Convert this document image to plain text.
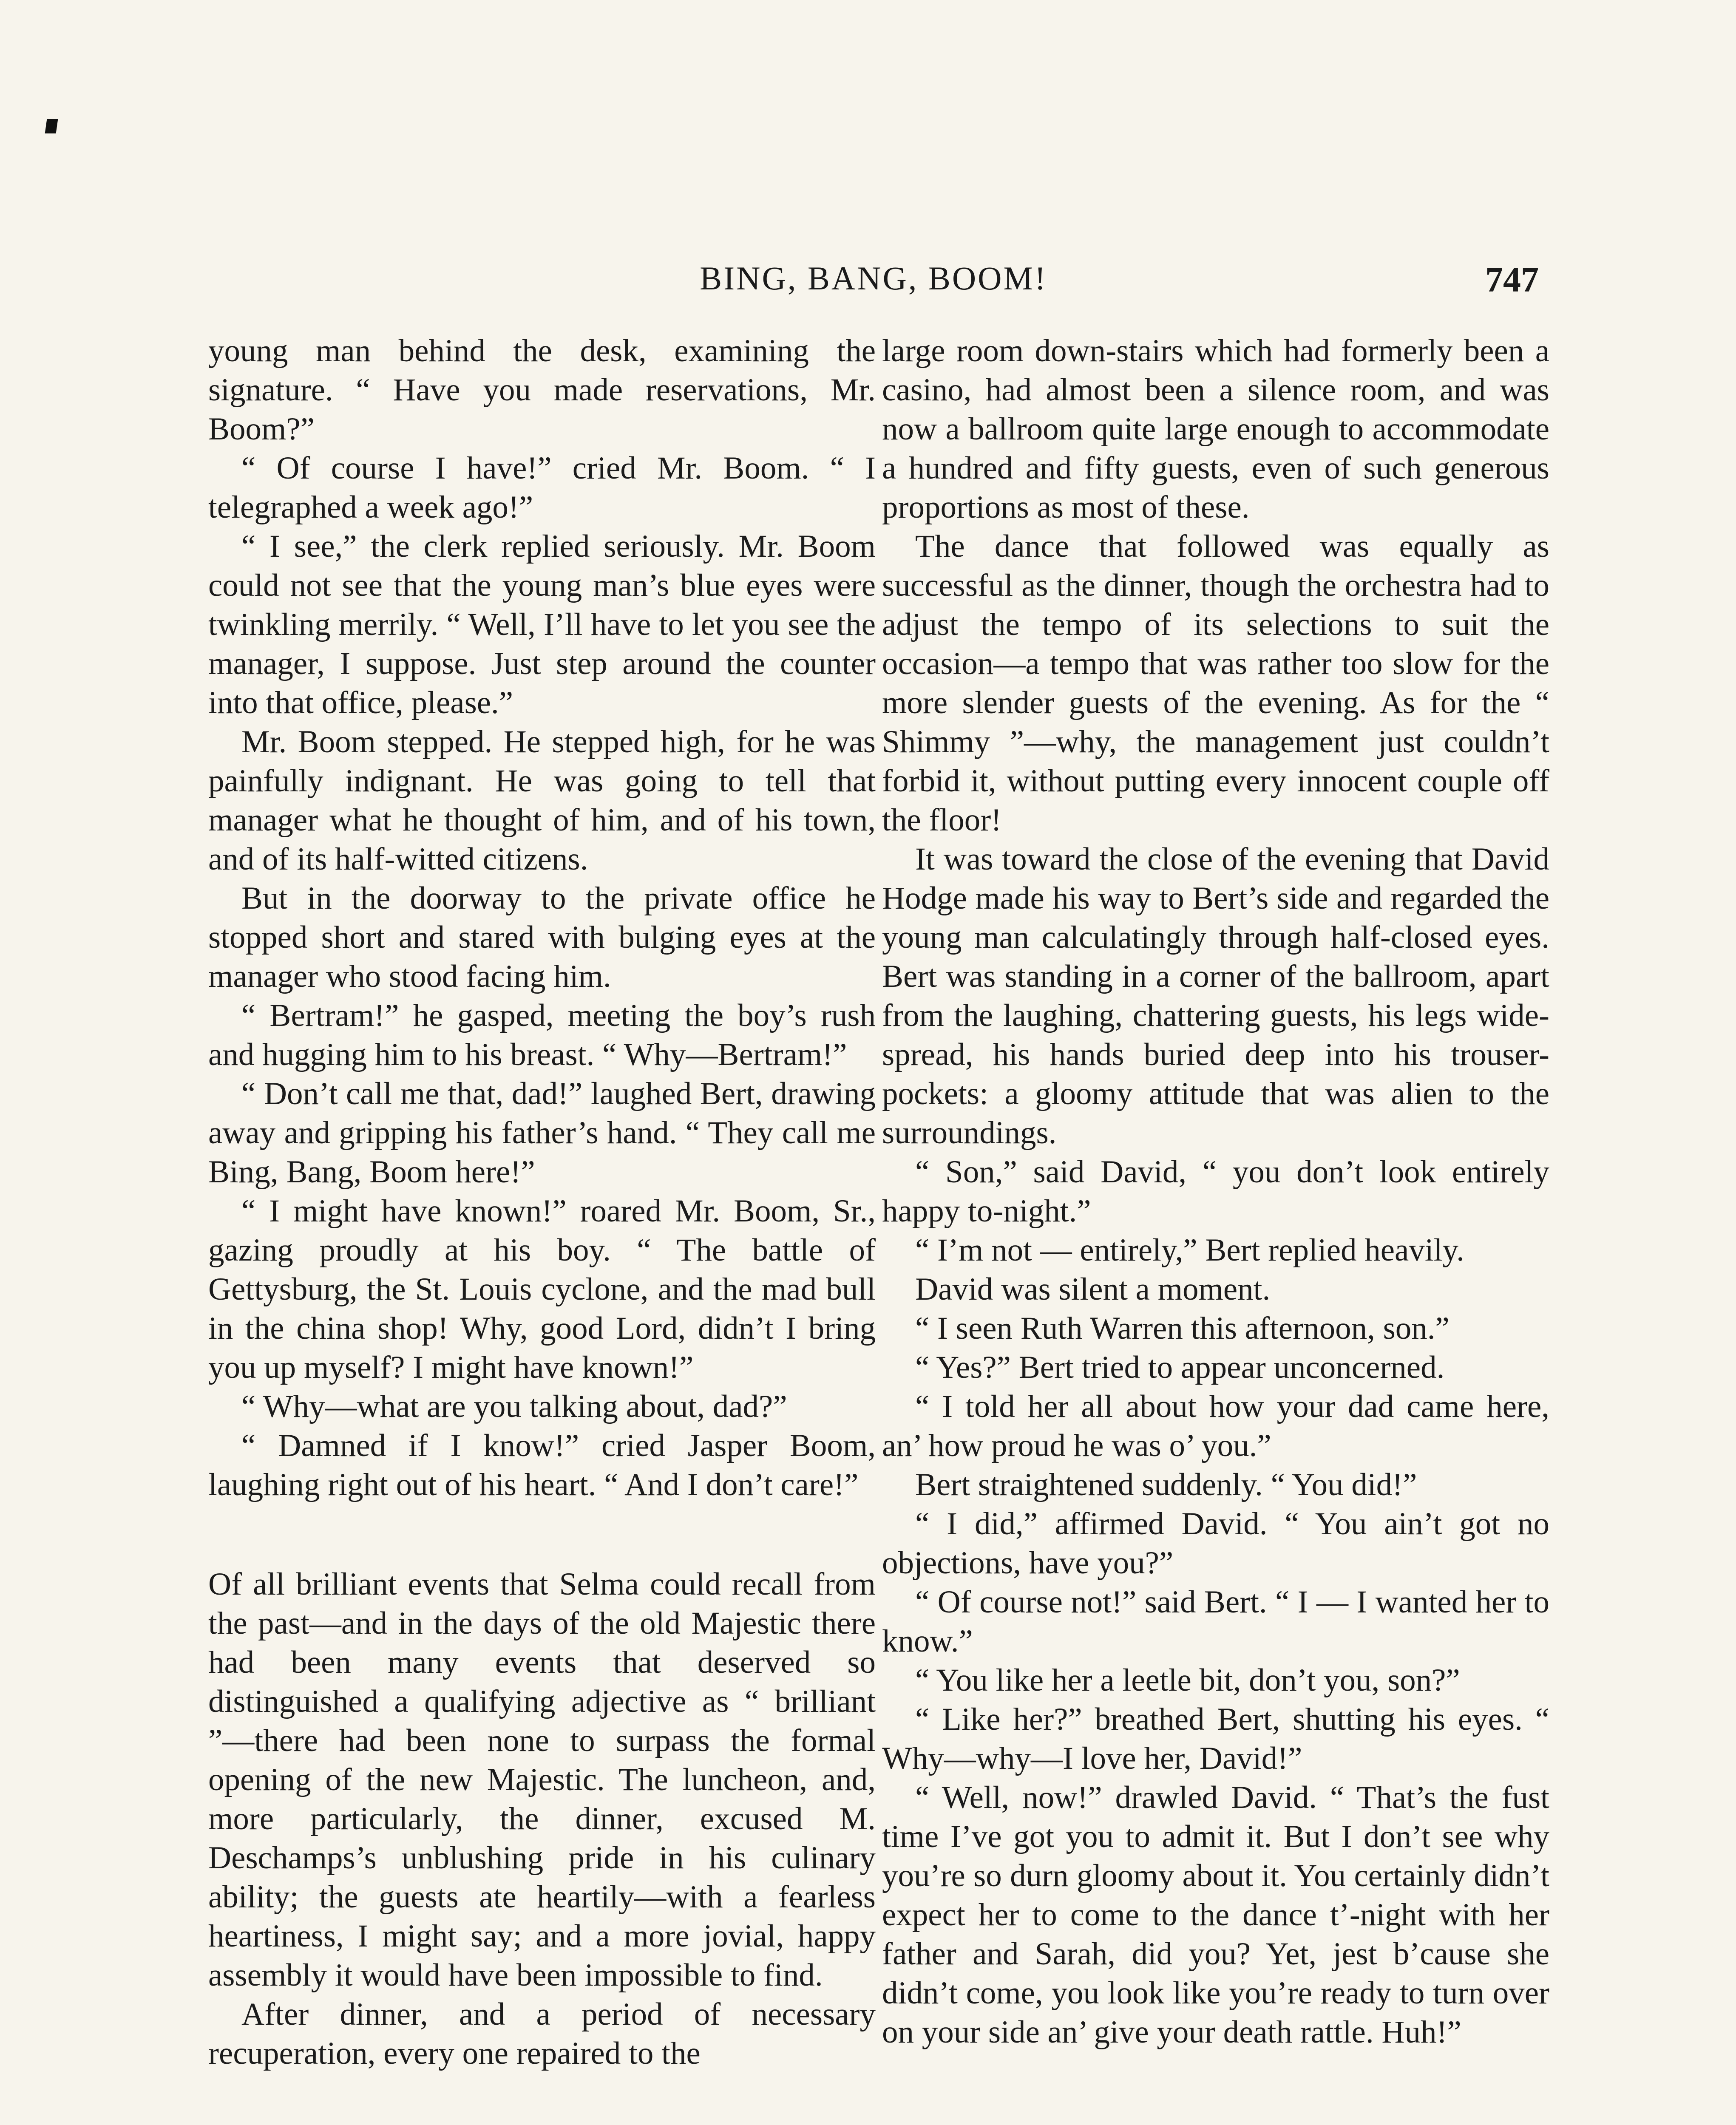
BING, BANG, BOOM!	747

young man behind the desk, examining the signature. “ Have you made reservations, Mr. Boom?”

“ Of course I have!” cried Mr. Boom. “ I telegraphed a week ago!”

“ I see,” the clerk replied seriously. Mr. Boom could not see that the young man’s blue eyes were twinkling merrily. “ Well, I’ll have to let you see the manager, I suppose. Just step around the counter into that office, please.”

Mr. Boom stepped. He stepped high, for he was painfully indignant. He was going to tell that manager what he thought of him, and of his town, and of its half-witted citizens.

But in the doorway to the private office he stopped short and stared with bulging eyes at the manager who stood facing him.

“ Bertram!” he gasped, meeting the boy’s rush and hugging him to his breast. “ Why—Bertram!”

“ Don’t call me that, dad!” laughed Bert, drawing away and gripping his father’s hand. “ They call me Bing, Bang, Boom here!”

“ I might have known!” roared Mr. Boom, Sr., gazing proudly at his boy. “ The battle of Gettysburg, the St. Louis cyclone, and the mad bull in the china shop! Why, good Lord, didn’t I bring you up myself? I might have known!”

“ Why—what are you talking about, dad?”

“ Damned if I know!” cried Jasper Boom, laughing right out of his heart. “ And I don’t care!”

Of all brilliant events that Selma could recall from the past—and in the days of the old Majestic there had been many events that deserved so distinguished a qualifying adjective as “ brilliant ”—there had been none to surpass the formal opening of the new Majestic. The luncheon, and, more particularly, the dinner, excused M. Deschamps’s unblushing pride in his culinary ability; the guests ate heartily—with a fearless heartiness, I might say; and a more jovial, happy assembly it would have been impossible to find.

After dinner, and a period of necessary recuperation, every one repaired to the

large room down-stairs which had formerly been a casino, had almost been a silence room, and was now a ballroom quite large enough to accommodate a hundred and fifty guests, even of such generous proportions as most of these.

The dance that followed was equally as successful as the dinner, though the orchestra had to adjust the tempo of its selections to suit the occasion—a tempo that was rather too slow for the more slender guests of the evening. As for the “ Shimmy ”—why, the management just couldn’t forbid it, without putting every innocent couple off the floor!

It was toward the close of the evening that David Hodge made his way to Bert’s side and regarded the young man calculatingly through half-closed eyes. Bert was standing in a corner of the ballroom, apart from the laughing, chattering guests, his legs wide-spread, his hands buried deep into his trouser-pockets: a gloomy attitude that was alien to the surroundings.

“ Son,” said David, “ you don’t look entirely happy to-night.”

“ I’m not — entirely,” Bert replied heavily.

David was silent a moment.

“ I seen Ruth Warren this afternoon, son.”

“ Yes?” Bert tried to appear unconcerned.

“ I told her all about how your dad came here, an’ how proud he was o’ you.”

Bert straightened suddenly. “ You did!”

“ I did,” affirmed David. “ You ain’t got no objections, have you?”

“ Of course not!” said Bert. “ I — I wanted her to know.”

“ You like her a leetle bit, don’t you, son?”

“ Like her?” breathed Bert, shutting his eyes. “ Why—why—I love her, David!”

“ Well, now!” drawled David. “ That’s the fust time I’ve got you to admit it. But I don’t see why you’re so durn gloomy about it. You certainly didn’t expect her to come to the dance t’-night with her father and Sarah, did you? Yet, jest b’cause she didn’t come, you look like you’re ready to turn over on your side an’ give your death rattle. Huh!”
